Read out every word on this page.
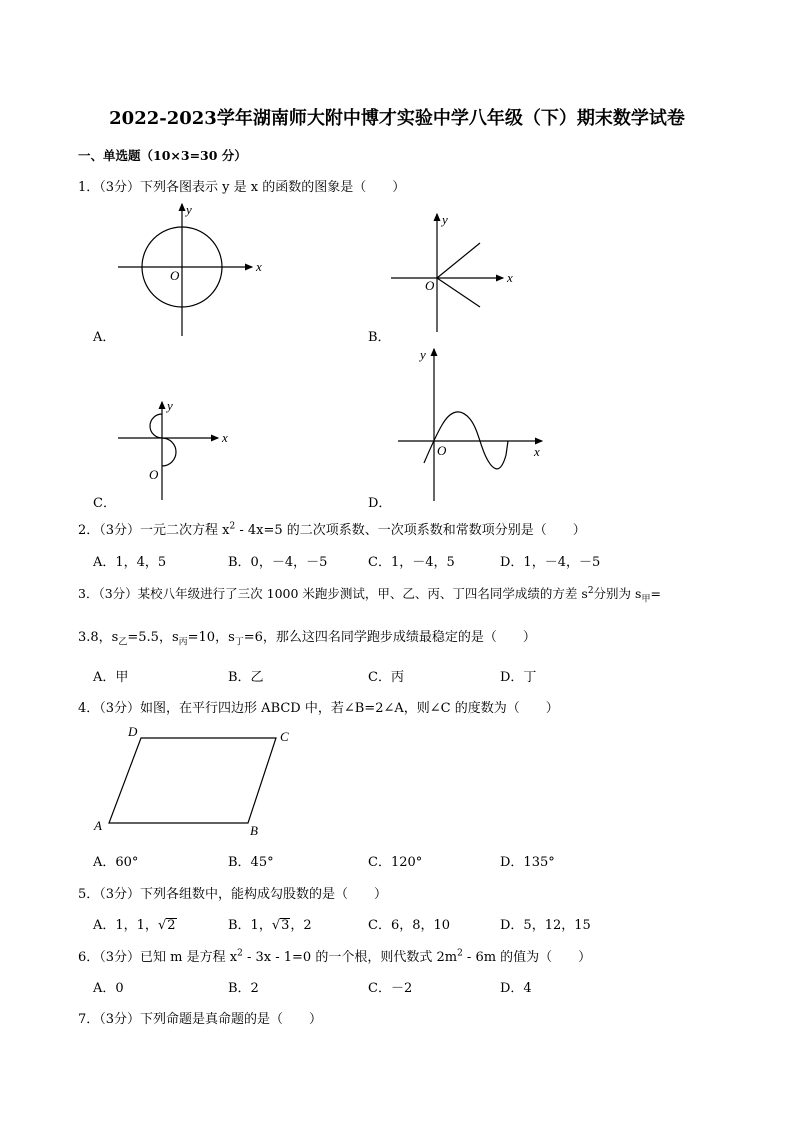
2022-2023学年湖南师大附中博才实验中学八年级（下）期末数学试卷
一、单选题（10×3=30 分）
1．（3分）下列各图表示 y 是 x 的函数的图象是（　　）
x
y
O
A．
x
y
O
B．
x
y
O
C．
x
y
O
D．
2．（3分）一元二次方程 $x^2 - 4x=5$ 的二次项系数、一次项系数和常数项分别是（　　）
A．1，4，5	B．0，－4，－5	C．1，－4，5	D．1，－4，－5
3．（3分）某校八年级进行了三次 1000 米跑步测试，甲、乙、丙、丁四名同学成绩的方差 $s^2$分别为 $s_甲=$
3.8，$s_乙=5.5$，$s_丙=10$，$s_丁=6$，那么这四名同学跑步成绩最稳定的是（　　）
A．甲	B．乙	C．丙	D．丁
4．（3分）如图，在平行四边形 ABCD 中，若∠B=2∠A，则∠C 的度数为（　　）
A	B
C
D
A．60°	B．45°	C．120°	D．135°
5．（3分）下列各组数中，能构成勾股数的是（　　）
A．1，1，√2	B．1，√3，2	C．6，8，10	D．5，12，15
6．（3分）已知 m 是方程 $x^2 - 3x - 1=0$ 的一个根，则代数式 $2m^2 - 6m$ 的值为（　　）
A．0	B．2	C．－2	D．4
7．（3分）下列命题是真命题的是（　　）
